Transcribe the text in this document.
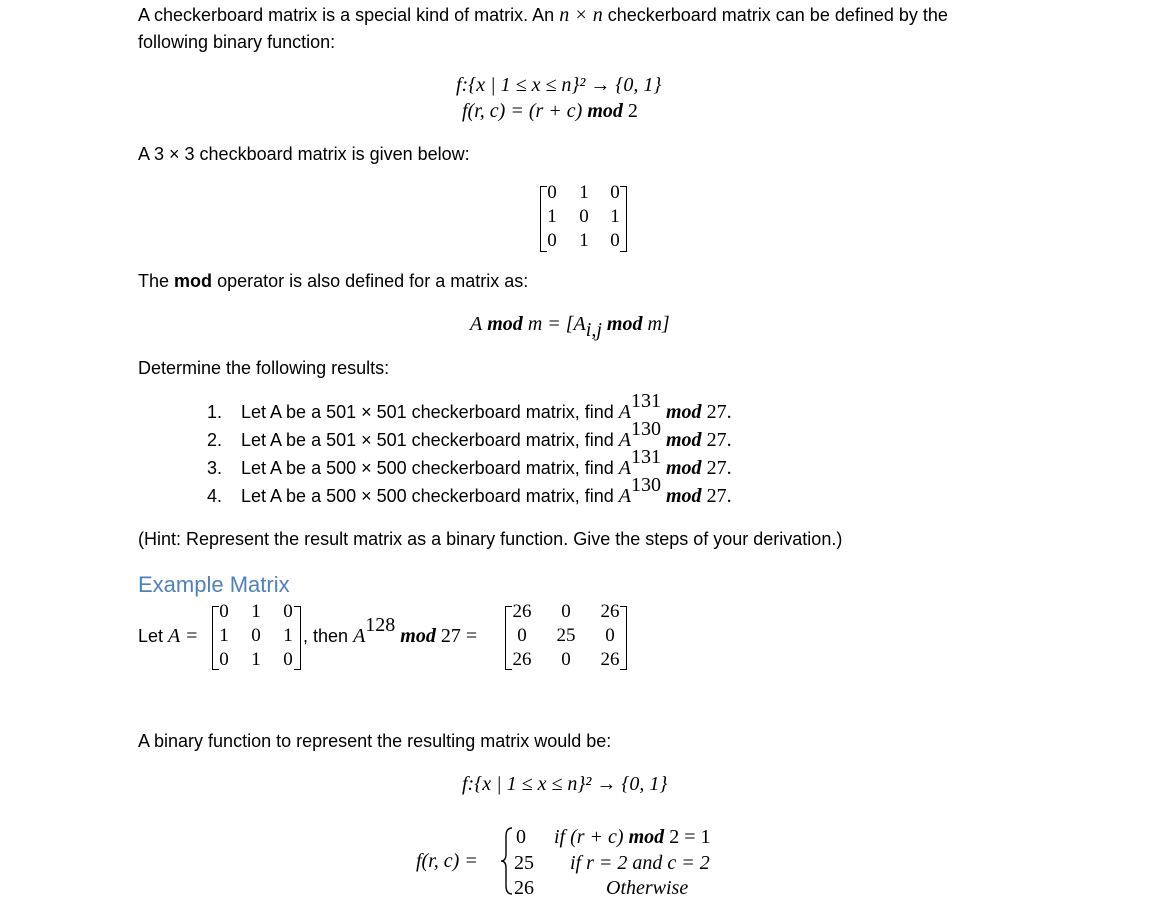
A checkerboard matrix is a special kind of matrix. An n × n checkerboard matrix can be defined by the
following binary function:
f:{x | 1 ≤ x ≤ n}² → {0, 1}
f(r, c) = (r + c) mod 2
A 3 × 3 checkboard matrix is given below:
0	1	0
1	0	1
0	1	0
The mod operator is also defined for a matrix as:
A mod $m = [A_{i,j}$ mod m]
Determine the following results:
1. Let A be a 501 × 501 checkerboard matrix, find $A^{131}$ mod 27.
2. Let A be a 501 × 501 checkerboard matrix, find $A^{130}$ mod 27.
3. Let A be a 500 × 500 checkerboard matrix, find $A^{131}$ mod 27.
4. Let A be a 500 × 500 checkerboard matrix, find $A^{130}$ mod 27.
(Hint: Represent the result matrix as a binary function. Give the steps of your derivation.)
Example Matrix
Let A =
0	1	0
1	0	1
0	1	0
, then $A^{128}$ mod 27 =
26	0	26
0	25	0
26	0	26
A binary function to represent the resulting matrix would be:
f:{x | 1 ≤ x ≤ n}² → {0, 1}
f(r, c) =
0 if (r + c) mod 2 = 1
25 if r = 2 and c = 2
26	Otherwise
